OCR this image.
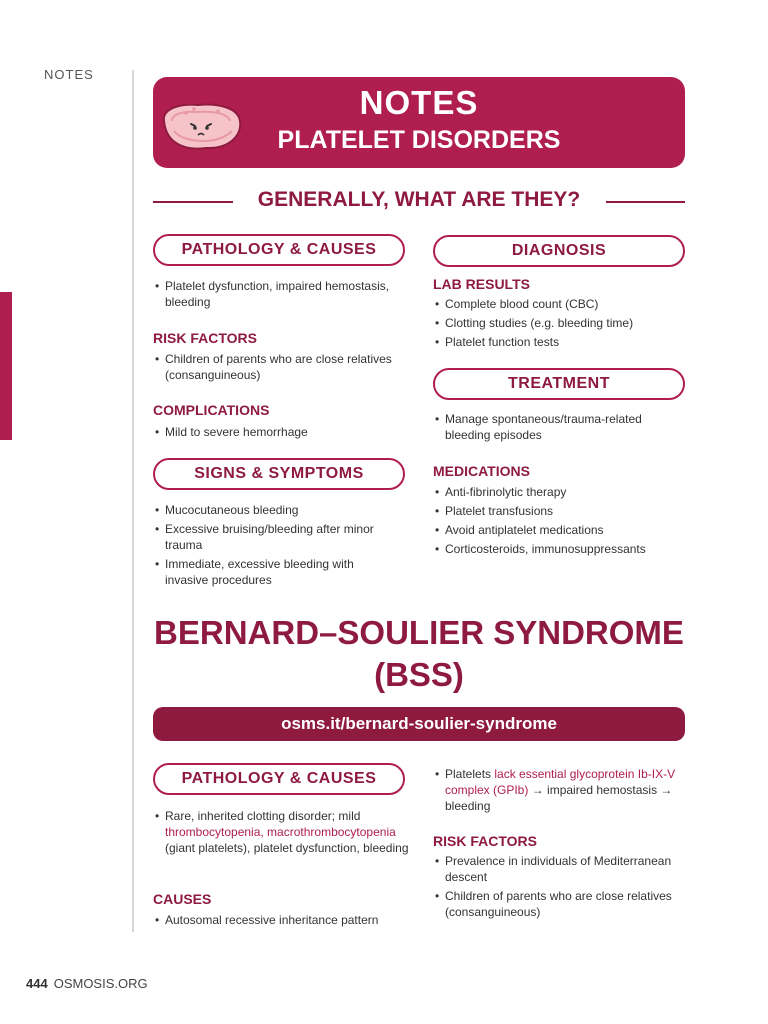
NOTES
NOTES
PLATELET DISORDERS
GENERALLY, WHAT ARE THEY?
PATHOLOGY & CAUSES
• Platelet dysfunction, impaired hemostasis, bleeding
RISK FACTORS
• Children of parents who are close relatives (consanguineous)
COMPLICATIONS
• Mild to severe hemorrhage
SIGNS & SYMPTOMS
• Mucocutaneous bleeding
• Excessive bruising/bleeding after minor trauma
• Immediate, excessive bleeding with invasive procedures
DIAGNOSIS
LAB RESULTS
• Complete blood count (CBC)
• Clotting studies (e.g. bleeding time)
• Platelet function tests
TREATMENT
• Manage spontaneous/trauma-related bleeding episodes
MEDICATIONS
• Anti-fibrinolytic therapy
• Platelet transfusions
• Avoid antiplatelet medications
• Corticosteroids, immunosuppressants
BERNARD–SOULIER SYNDROME
(BSS)
osms.it/bernard-soulier-syndrome
PATHOLOGY & CAUSES
• Rare, inherited clotting disorder; mild thrombocytopenia, macrothrombocytopenia (giant platelets), platelet dysfunction, bleeding
CAUSES
• Autosomal recessive inheritance pattern
• Platelets lack essential glycoprotein Ib-IX-V complex (GPIb) → impaired hemostasis → bleeding
RISK FACTORS
• Prevalence in individuals of Mediterranean descent
• Children of parents who are close relatives (consanguineous)
444 OSMOSIS.ORG
